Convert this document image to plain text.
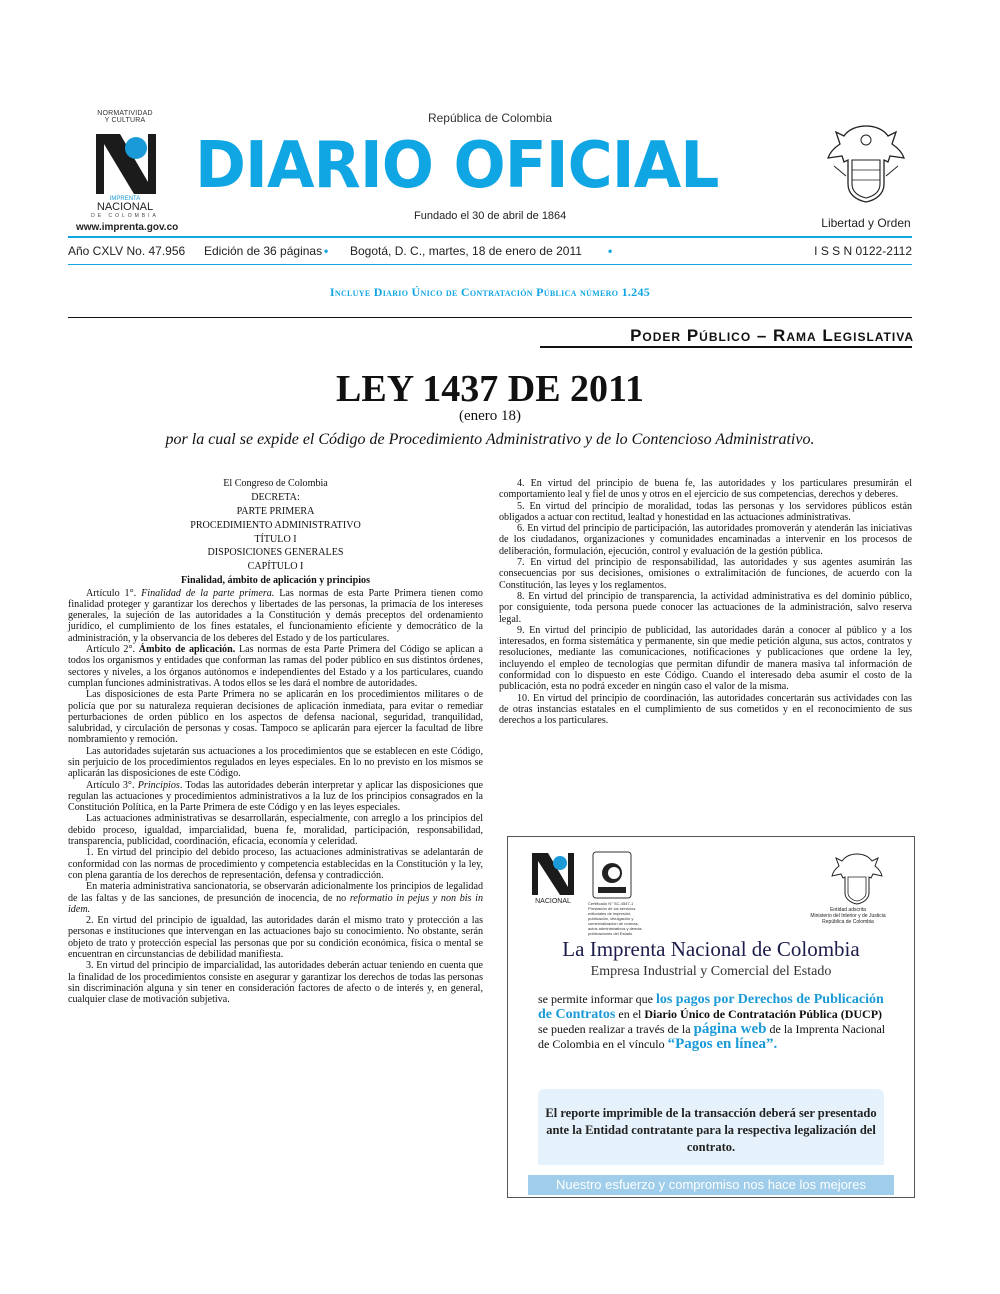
NORMATIVIDAD
Y CULTURA
IMPRENTA
NACIONAL
DE COLOMBIA
www.imprenta.gov.co
República de Colombia
DIARIO OFICIAL
Fundado el 30 de abril de 1864	Libertad y Orden
Año CXLV No. 47.956 Edición de 36 páginas • Bogotá, D. C., martes, 18 de enero de 2011 •	I S S N 0122-2112
Incluye Diario Único de Contratación Pública número 1.245
Poder Público – Rama Legislativa
LEY 1437 DE 2011
(enero 18)
por la cual se expide el Código de Procedimiento Administrativo y de lo Contencioso Administrativo.

El Congreso de Colombia

DECRETA:

PARTE PRIMERA

PROCEDIMIENTO ADMINISTRATIVO

TÍTULO I

DISPOSICIONES GENERALES

CAPÍTULO I

Finalidad, ámbito de aplicación y principios

Artículo 1°. Finalidad de la parte primera. Las normas de esta Parte Primera tienen como finalidad proteger y garantizar los derechos y libertades de las personas, la primacía de los intereses generales, la sujeción de las autoridades a la Constitución y demás preceptos del ordenamiento jurídico, el cumplimiento de los fines estatales, el funcionamiento eficiente y democrático de la administración, y la observancia de los deberes del Estado y de los particulares.

Artículo 2°. Ámbito de aplicación. Las normas de esta Parte Primera del Código se aplican a todos los organismos y entidades que conforman las ramas del poder público en sus distintos órdenes, sectores y niveles, a los órganos autónomos e independientes del Estado y a los particulares, cuando cumplan funciones administrativas. A todos ellos se les dará el nombre de autoridades.

Las disposiciones de esta Parte Primera no se aplicarán en los procedimientos militares o de policía que por su naturaleza requieran decisiones de aplicación inmediata, para evitar o remediar perturbaciones de orden público en los aspectos de defensa nacional, seguridad, tranquilidad, salubridad, y circulación de personas y cosas. Tampoco se aplicarán para ejercer la facultad de libre nombramiento y remoción.

Las autoridades sujetarán sus actuaciones a los procedimientos que se establecen en este Código, sin perjuicio de los procedimientos regulados en leyes especiales. En lo no previsto en los mismos se aplicarán las disposiciones de este Código.

Artículo 3°. Principios. Todas las autoridades deberán interpretar y aplicar las disposiciones que regulan las actuaciones y procedimientos administrativos a la luz de los principios consagrados en la Constitución Política, en la Parte Primera de este Código y en las leyes especiales.

Las actuaciones administrativas se desarrollarán, especialmente, con arreglo a los principios del debido proceso, igualdad, imparcialidad, buena fe, moralidad, participación, responsabilidad, transparencia, publicidad, coordinación, eficacia, economía y celeridad.

1. En virtud del principio del debido proceso, las actuaciones administrativas se adelantarán de conformidad con las normas de procedimiento y competencia establecidas en la Constitución y la ley, con plena garantía de los derechos de representación, defensa y contradicción.

En materia administrativa sancionatoria, se observarán adicionalmente los principios de legalidad de las faltas y de las sanciones, de presunción de inocencia, de no reformatio in pejus y non bis in idem.

2. En virtud del principio de igualdad, las autoridades darán el mismo trato y protección a las personas e instituciones que intervengan en las actuaciones bajo su conocimiento. No obstante, serán objeto de trato y protección especial las personas que por su condición económica, física o mental se encuentran en circunstancias de debilidad manifiesta.

3. En virtud del principio de imparcialidad, las autoridades deberán actuar teniendo en cuenta que la finalidad de los procedimientos consiste en asegurar y garantizar los derechos de todas las personas sin discriminación alguna y sin tener en consideración factores de afecto o de interés y, en general, cualquier clase de motivación subjetiva.

4. En virtud del principio de buena fe, las autoridades y los particulares presumirán el comportamiento leal y fiel de unos y otros en el ejercicio de sus competencias, derechos y deberes.

5. En virtud del principio de moralidad, todas las personas y los servidores públicos están obligados a actuar con rectitud, lealtad y honestidad en las actuaciones administrativas.

6. En virtud del principio de participación, las autoridades promoverán y atenderán las iniciativas de los ciudadanos, organizaciones y comunidades encaminadas a intervenir en los procesos de deliberación, formulación, ejecución, control y evaluación de la gestión pública.

7. En virtud del principio de responsabilidad, las autoridades y sus agentes asumirán las consecuencias por sus decisiones, omisiones o extralimitación de funciones, de acuerdo con la Constitución, las leyes y los reglamentos.

8. En virtud del principio de transparencia, la actividad administrativa es del dominio público, por consiguiente, toda persona puede conocer las actuaciones de la administración, salvo reserva legal.

9. En virtud del principio de publicidad, las autoridades darán a conocer al público y a los interesados, en forma sistemática y permanente, sin que medie petición alguna, sus actos, contratos y resoluciones, mediante las comunicaciones, notificaciones y publicaciones que ordene la ley, incluyendo el empleo de tecnologías que permitan difundir de manera masiva tal información de conformidad con lo dispuesto en este Código. Cuando el interesado deba asumir el costo de la publicación, esta no podrá exceder en ningún caso el valor de la misma.

10. En virtud del principio de coordinación, las autoridades concertarán sus actividades con las de otras instancias estatales en el cumplimiento de sus cometidos y en el reconocimiento de sus derechos a los particulares.

NACIONAL	Certificado N° SC-4547-1
Prestación de los servicios editoriales de impresión, publicación, divulgación y comercialización de normas, actos administrativos y demás publicaciones del Estado
Entidad adscrita
Ministerio del Interior y de Justicia
República de Colombia
La Imprenta Nacional de Colombia
Empresa Industrial y Comercial del Estado
se permite informar que los pagos por Derechos de Publicación de Contratos en el Diario Único de Contratación Pública (DUCP) se pueden realizar a través de la página web de la Imprenta Nacional de Colombia en el vínculo “Pagos en línea”.
El reporte imprimible de la transacción deberá ser presentado ante la Entidad contratante para la respectiva legalización del contrato.
Nuestro esfuerzo y compromiso nos hace los mejores
